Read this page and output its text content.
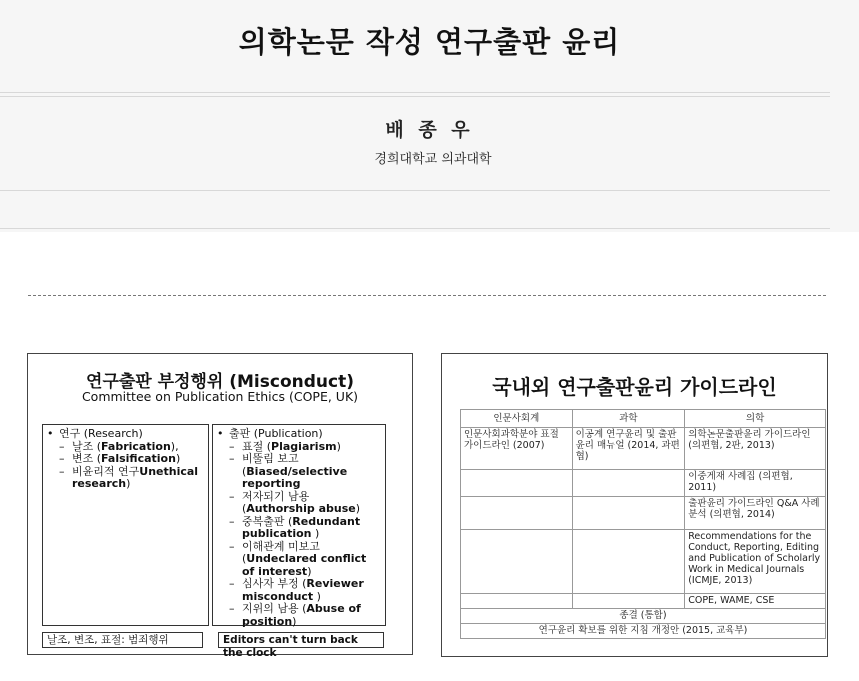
의학논문 작성 연구출판 윤리
배 종 우
경희대학교 의과대학
연구출판 부정행위 (Misconduct)
Committee on Publication Ethics (COPE, UK)
• 연구 (Research)
– 날조 (Fabrication),
– 변조 (Falsification)
– 비윤리적 연구Unethical research)
• 출판 (Publication)
– 표절 (Plagiarism)
– 비뚤림 보고 (Biased/selective reporting
– 저자되기 남용 (Authorship abuse)
– 중복출판 (Redundant publication )
– 이해관계 미보고 (Undeclared conflict of interest)
– 심사자 부정 (Reviewer misconduct )
– 지위의 남용 (Abuse of position)
날조, 변조, 표절: 범죄행위	Editors can't turn back the clock
국내외 연구출판윤리 가이드라인
인문사회계	과학	의학
인문사회과학분야 표절 가이드라인 (2007)	이공계 연구윤리 및 출판윤리 매뉴얼 (2014, 과편협)	의학논문출판윤리 가이드라인 (의편협, 2판, 2013)
		이중게재 사례집 (의편협, 2011)
		출판윤리 가이드라인 Q&A 사례분석 (의편협, 2014)
		Recommendations for the Conduct, Reporting, Editing and Publication of Scholarly Work in Medical Journals (ICMJE, 2013)
		COPE, WAME, CSE
종결 (통합)		
연구윤리 확보를 위한 지침 개정안 (2015, 교육부)		
